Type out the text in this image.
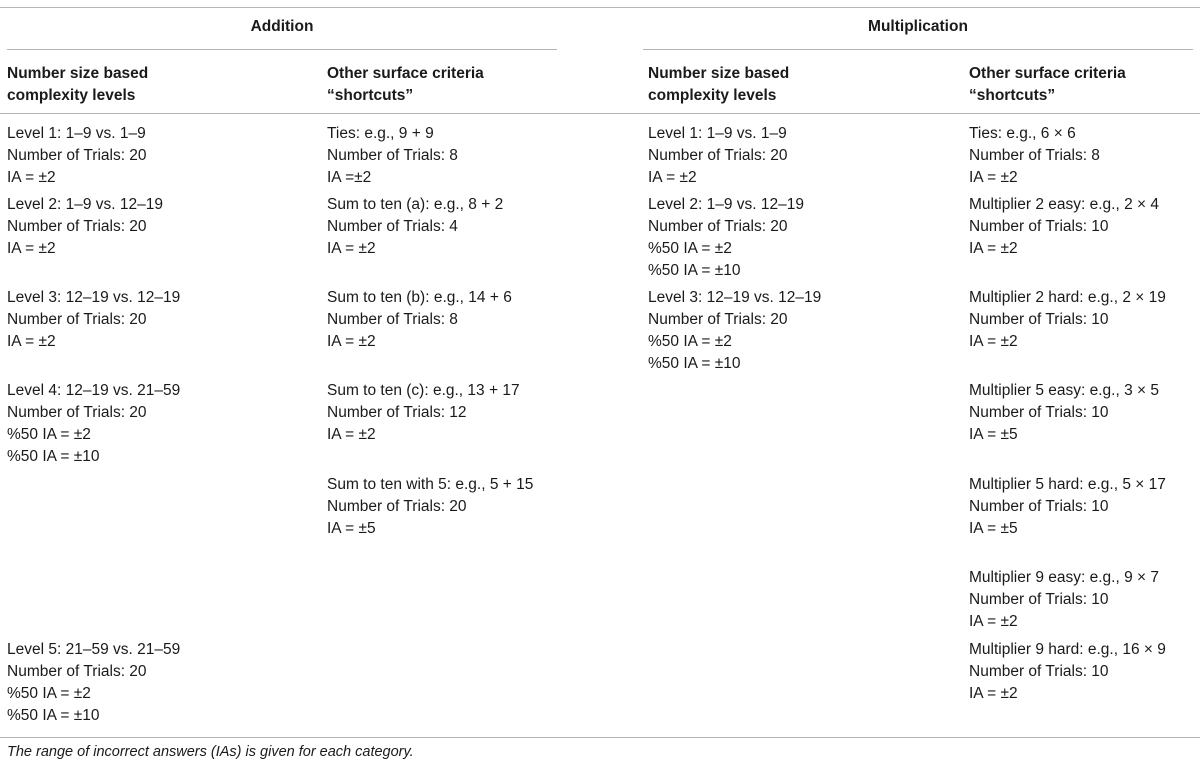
Addition	Multiplication
Number size based
complexity levels
Other surface criteria
“shortcuts”
Number size based
complexity levels
Other surface criteria
“shortcuts”
Level 1: 1–9 vs. 1–9
Number of Trials: 20
IA = ±2
Level 2: 1–9 vs. 12–19
Number of Trials: 20
IA = ±2
Level 3: 12–19 vs. 12–19
Number of Trials: 20
IA = ±2
Level 4: 12–19 vs. 21–59
Number of Trials: 20
%50 IA = ±2
%50 IA = ±10
Level 5: 21–59 vs. 21–59
Number of Trials: 20
%50 IA = ±2
%50 IA = ±10
Ties: e.g., 9 + 9
Number of Trials: 8
IA =±2
Sum to ten (a): e.g., 8 + 2
Number of Trials: 4
IA = ±2
Sum to ten (b): e.g., 14 + 6
Number of Trials: 8
IA = ±2
Sum to ten (c): e.g., 13 + 17
Number of Trials: 12
IA = ±2
Sum to ten with 5: e.g., 5 + 15
Number of Trials: 20
IA = ±5
Level 1: 1–9 vs. 1–9
Number of Trials: 20
IA = ±2
Level 2: 1–9 vs. 12–19
Number of Trials: 20
%50 IA = ±2
%50 IA = ±10
Level 3: 12–19 vs. 12–19
Number of Trials: 20
%50 IA = ±2
%50 IA = ±10
Ties: e.g., 6 × 6
Number of Trials: 8
IA = ±2
Multiplier 2 easy: e.g., 2 × 4
Number of Trials: 10
IA = ±2
Multiplier 2 hard: e.g., 2 × 19
Number of Trials: 10
IA = ±2
Multiplier 5 easy: e.g., 3 × 5
Number of Trials: 10
IA = ±5
Multiplier 5 hard: e.g., 5 × 17
Number of Trials: 10
IA = ±5
Multiplier 9 easy: e.g., 9 × 7
Number of Trials: 10
IA = ±2
Multiplier 9 hard: e.g., 16 × 9
Number of Trials: 10
IA = ±2
The range of incorrect answers (IAs) is given for each category.
